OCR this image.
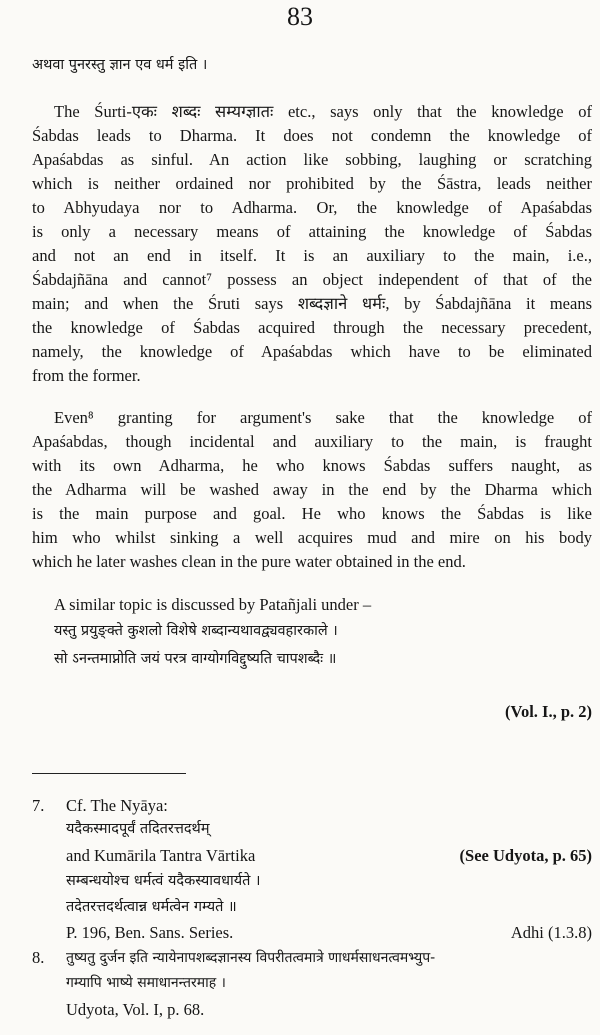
83
अथवा पुनरस्तु ज्ञान एव धर्म इति ।
The Śurti-एकः शब्दः सम्यग्ज्ञातः etc., says only that the knowledge of
Śabdas leads to Dharma. It does not condemn the knowledge of
Apaśabdas as sinful. An action like sobbing, laughing or scratching
which is neither ordained nor prohibited by the Śāstra, leads neither
to Abhyudaya nor to Adharma. Or, the knowledge of Apaśabdas
is only a necessary means of attaining the knowledge of Śabdas
and not an end in itself. It is an auxiliary to the main, i.e.,
Śabdajñāna and cannot⁷ possess an object independent of that of the
main; and when the Śruti says शब्दज्ञाने धर्मः, by Śabdajñāna it means
the knowledge of Śabdas acquired through the necessary precedent,
namely, the knowledge of Apaśabdas which have to be eliminated
from the former.
Even⁸ granting for argument's sake that the knowledge of
Apaśabdas, though incidental and auxiliary to the main, is fraught
with its own Adharma, he who knows Śabdas suffers naught, as
the Adharma will be washed away in the end by the Dharma which
is the main purpose and goal. He who knows the Śabdas is like
him who whilst sinking a well acquires mud and mire on his body
which he later washes clean in the pure water obtained in the end.
A similar topic is discussed by Patañjali under –
यस्तु प्रयुङ्क्ते कुशलो विशेषे शब्दान्यथावद्व्यवहारकाले ।
सो ऽनन्तमाप्नोति जयं परत्र वाग्योगविद्दुष्यति चापशब्दैः ॥
(Vol. I., p. 2)
7.	Cf. The Nyāya:
यदैकस्मादपूर्वं तदितरत्तदर्थम्
and Kumārila Tantra Vārtika	(See Udyota, p. 65)
सम्बन्धयोश्च धर्मत्वं यदैकस्यावधार्यते ।
तदेतरत्तदर्थत्वान्न धर्मत्वेन गम्यते ॥
P. 196, Ben. Sans. Series.	Adhi (1.3.8)
8.	तुष्यतु दुर्जन इति न्यायेनापशब्दज्ञानस्य विपरीतत्वमात्रे णाधर्मसाधनत्वमभ्युप-
गम्यापि भाष्ये समाधानन्तरमाह ।
Udyota, Vol. I, p. 68.
